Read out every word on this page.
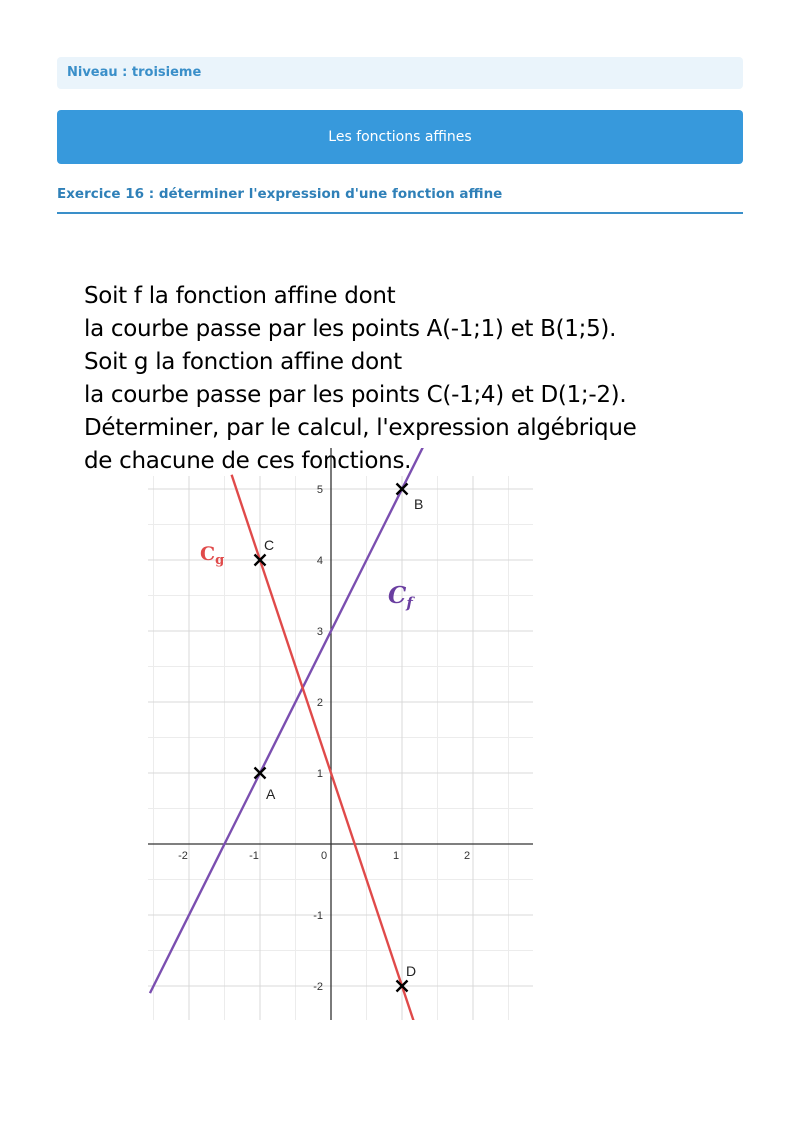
Niveau : troisieme
Les fonctions affines
Exercice 16 : déterminer l'expression d'une fonction affine
Soit f la fonction affine dont
la courbe passe par les points A(-1;1) et B(1;5).
Soit g la fonction affine dont
la courbe passe par les points C(-1;4) et D(1;-2).
Déterminer, par le calcul, l'expression algébrique
de chacune de ces fonctions.
-2	-1	0	1	2
5
4
3
2
1
-1
-2
A
B
C
D
$C_g$
$C_f$
